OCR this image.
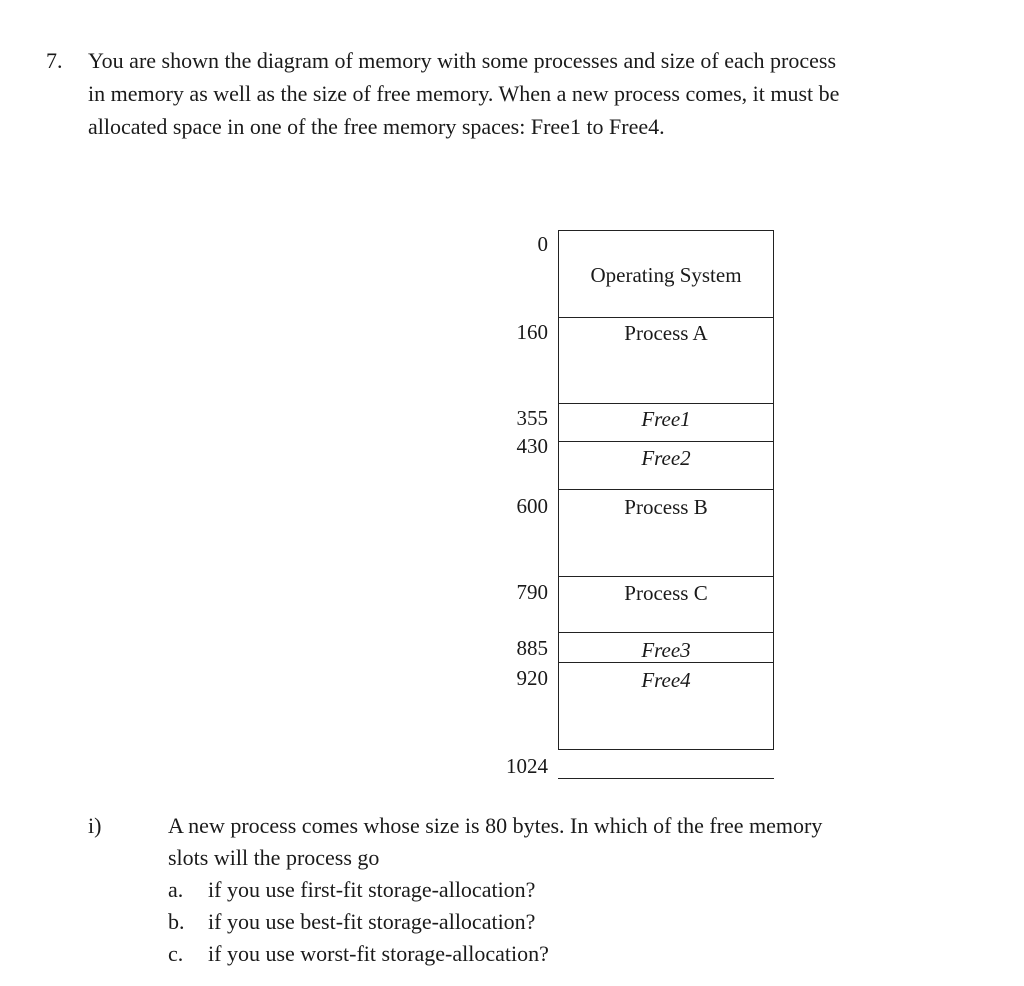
7. You are shown the diagram of memory with some processes and size of each process
in memory as well as the size of free memory. When a new process comes, it must be
allocated space in one of the free memory spaces: Free1 to Free4.
0
160
355
430
600
790
885
920
1024
Operating System
Process A
Free1
Free2
Process B
Process C
Free3
Free4
i)	A new process comes whose size is 80 bytes. In which of the free memory
slots will the process go
a. if you use first-fit storage-allocation?
b. if you use best-fit storage-allocation?
c. if you use worst-fit storage-allocation?
